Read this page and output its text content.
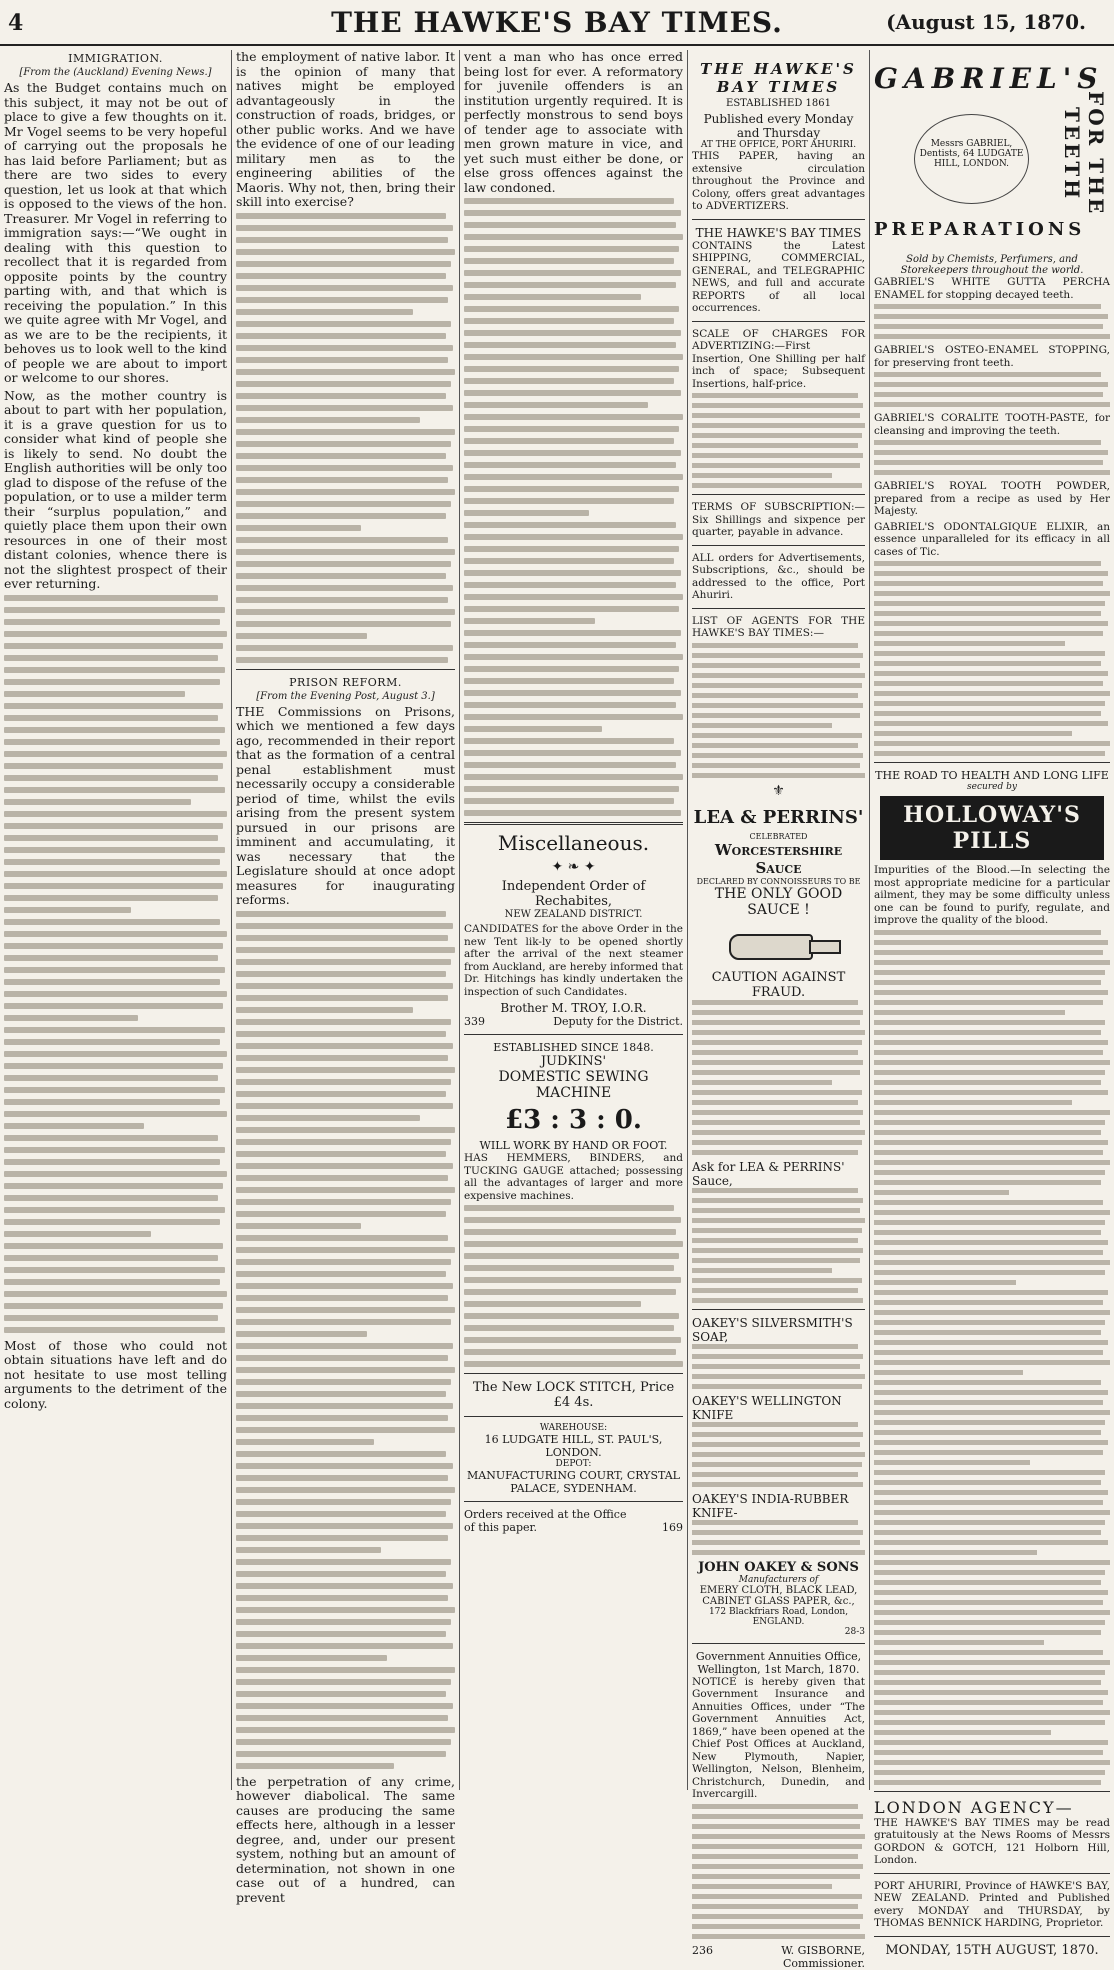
4	THE HAWKE'S BAY TIMES.	(August 15, 1870.
IMMIGRATION.
[From the (Auckland) Evening News.]

As the Budget contains much on this subject, it may not be out of place to give a few thoughts on it. Mr Vogel seems to be very hopeful of carrying out the proposals he has laid before Parliament; but as there are two sides to every question, let us look at that which is opposed to the views of the hon. Treasurer. Mr Vogel in referring to immigration says:—“We ought in dealing with this question to recollect that it is regarded from opposite points by the country parting with, and that which is receiving the population.” In this we quite agree with Mr Vogel, and as we are to be the recipients, it behoves us to look well to the kind of people we are about to import or welcome to our shores.

Now, as the mother country is about to part with her population, it is a grave question for us to consider what kind of people she is likely to send. No doubt the English authorities will be only too glad to dispose of the refuse of the population, or to use a milder term their “surplus population,” and quietly place them upon their own resources in one of their most distant colonies, whence there is not the slightest prospect of their ever returning.

Most of those who could not obtain situations have left and do not hesitate to use most telling arguments to the detriment of the colony.

the employment of native labor. It is the opinion of many that natives might be employed advantageously in the construction of roads, bridges, or other public works. And we have the evidence of one of our leading military men as to the engineering abilities of the Maoris. Why not, then, bring their skill into exercise?

PRISON REFORM.
[From the Evening Post, August 3.]

THE Commissions on Prisons, which we mentioned a few days ago, recommended in their report that as the formation of a central penal establishment must necessarily occupy a considerable period of time, whilst the evils arising from the present system pursued in our prisons are imminent and accumulating, it was necessary that the Legislature should at once adopt measures for inaugurating reforms.

the perpetration of any crime, however diabolical. The same causes are producing the same effects here, although in a lesser degree, and, under our present system, nothing but an amount of determination, not shown in one case out of a hundred, can prevent

vent a man who has once erred being lost for ever. A reformatory for juvenile offenders is an institution urgently required. It is perfectly monstrous to send boys of tender age to associate with men grown mature in vice, and yet such must either be done, or else gross offences against the law condoned.

Miscellaneous.
✦ ❧ ✦
Independent Order of Rechabites,
NEW ZEALAND DISTRICT.

CANDIDATES for the above Order in the new Tent lik-ly to be opened shortly after the arrival of the next steamer from Auckland, are hereby informed that Dr. Hitchings has kindly undertaken the inspection of such Candidates.

Brother M. TROY, I.O.R.
339	Deputy for the District.
ESTABLISHED SINCE 1848.
JUDKINS'
DOMESTIC SEWING MACHINE
£3 : 3 : 0.
WILL WORK BY HAND OR FOOT.

HAS HEMMERS, BINDERS, and TUCKING GAUGE attached; possessing all the advantages of larger and more expensive machines.

The New LOCK STITCH, Price £4 4s.
WAREHOUSE:
16 LUDGATE HILL, ST. PAUL'S, LONDON.
DEPOT:
MANUFACTURING COURT, CRYSTAL PALACE, SYDENHAM.
Orders received at the Office of this paper.	169
THE HAWKE'S BAY TIMES
ESTABLISHED 1861
Published every Monday and Thursday
AT THE OFFICE, PORT AHURIRI.

THIS PAPER, having an extensive circulation throughout the Province and Colony, offers great advantages to ADVERTIZERS.

THE HAWKE'S BAY TIMES

CONTAINS the Latest SHIPPING, COMMERCIAL, GENERAL, and TELEGRAPHIC NEWS, and full and accurate REPORTS of all local occurrences.

SCALE OF CHARGES FOR ADVERTIZING:—First Insertion, One Shilling per half inch of space; Subsequent Insertions, half-price.

TERMS OF SUBSCRIPTION:—Six Shillings and sixpence per quarter, payable in advance.

ALL orders for Advertisements, Subscriptions, &c., should be addressed to the office, Port Ahuriri.

LIST OF AGENTS FOR THE HAWKE'S BAY TIMES:—

⚜
LEA & PERRINS'
CELEBRATED
Worcestershire Sauce
DECLARED BY CONNOISSEURS TO BE
THE ONLY GOOD SAUCE !
CAUTION AGAINST FRAUD.
Ask for LEA & PERRINS' Sauce,
OAKEY'S SILVERSMITH'S SOAP,
OAKEY'S WELLINGTON KNIFE
OAKEY'S INDIA-RUBBER KNIFE-
JOHN OAKEY & SONS
Manufacturers of
EMERY CLOTH, BLACK LEAD, CABINET GLASS PAPER, &c.,
172 Blackfriars Road, London, ENGLAND.
28-3
Government Annuities Office, Wellington, 1st March, 1870.

NOTICE is hereby given that Government Insurance and Annuities Offices, under “The Government Annuities Act, 1869,” have been opened at the Chief Post Offices at Auckland, New Plymouth, Napier, Wellington, Nelson, Blenheim, Christchurch, Dunedin, and Invercargill.

236	W. GISBORNE,
Commissioner.
GABRIEL'S
Messrs GABRIEL, Dentists, 64 LUDGATE HILL, LONDON.
PREPARATIONS
FOR THE TEETH
Sold by Chemists, Perfumers, and Storekeepers throughout the world.

GABRIEL'S WHITE GUTTA PERCHA ENAMEL for stopping decayed teeth.

GABRIEL'S OSTEO-ENAMEL STOPPING, for preserving front teeth.

GABRIEL'S CORALITE TOOTH-PASTE, for cleansing and improving the teeth.

GABRIEL'S ROYAL TOOTH POWDER, prepared from a recipe as used by Her Majesty.

GABRIEL'S ODONTALGIQUE ELIXIR, an essence unparalleled for its efficacy in all cases of Tic.

THE ROAD TO HEALTH AND LONG LIFE
secured by
HOLLOWAY'S PILLS

Impurities of the Blood.—In selecting the most appropriate medicine for a particular ailment, they may be some difficulty unless one can be found to purify, regulate, and improve the quality of the blood.

LONDON AGENCY—

THE HAWKE'S BAY TIMES may be read gratuitously at the News Rooms of Messrs GORDON & GOTCH, 121 Holborn Hill, London.

PORT AHURIRI, Province of HAWKE'S BAY, NEW ZEALAND. Printed and Published every MONDAY and THURSDAY, by THOMAS BENNICK HARDING, Proprietor.

MONDAY, 15TH AUGUST, 1870.
